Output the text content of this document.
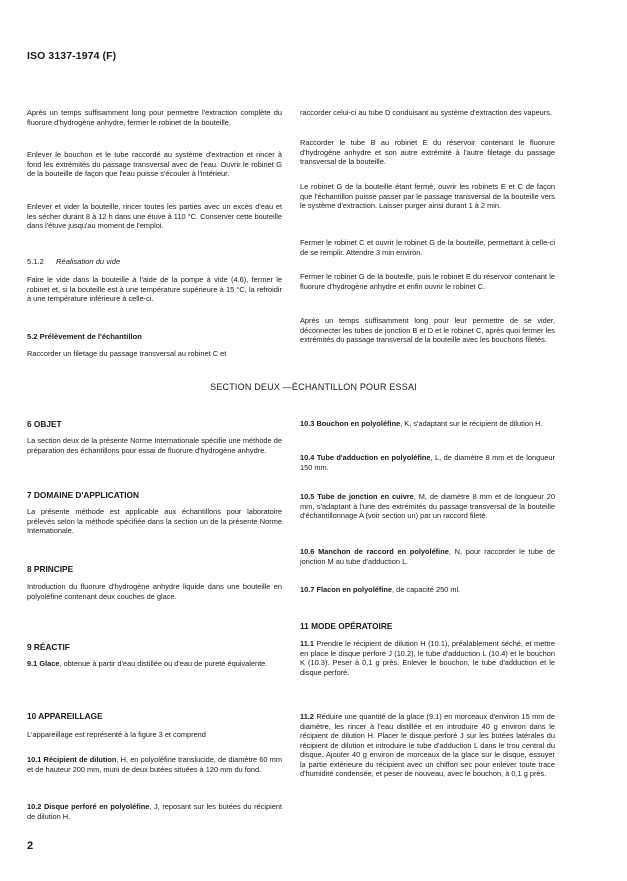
ISO 3137-1974 (F)

Après un temps suffisamment long pour permettre l'extraction complète du fluorure d'hydrogène anhydre, fermer le robinet de la bouteille.

Enlever le bouchon et le tube raccordé au système d'extraction et rincer à fond les extrémités du passage transversal avec de l'eau. Ouvrir le robinet G de la bouteille de façon que l'eau puisse s'écouler à l'intérieur.

Enlever et vider la bouteille, rincer toutes les parties avec un excès d'eau et les sécher durant 8 à 12 h dans une étuve à 110 °C. Conserver cette bouteille dans l'étuve jusqu'au moment de l'emploi.

5.1.2 Réalisation du vide

Faire le vide dans la bouteille à l'aide de la pompe à vide (4.6), fermer le robinet et, si la bouteille est à une température supérieure à 15 °C, la refroidir à une température inférieure à celle-ci.

5.2 Prélèvement de l'échantillon

Raccorder un filetage du passage transversal au robinet C et

raccorder celui-ci au tube D conduisant au système d'extraction des vapeurs.

Raccorder le tube B au robinet E du réservoir contenant le fluorure d'hydrogène anhydre et son autre extrémité à l'autre filetage du passage transversal de la bouteille.

Le robinet G de la bouteille étant fermé, ouvrir les robinets E et C de façon que l'échantillon puisse passer par le passage transversal de la bouteille vers le système d'extraction. Laisser purger ainsi durant 1 à 2 min.

Fermer le robinet C et ouvrir le robinet G de la bouteille, permettant à celle-ci de se remplir. Attendre 3 min environ.

Fermer le robinet G de la bouteille, puis le robinet E du réservoir contenant le fluorure d'hydrogène anhydre et enfin ouvrir le robinet C.

Après un temps suffisamment long pour leur permettre de se vider, déconnecter les tubes de jonction B et D et le robinet C, après quoi fermer les extrémités du passage transversal de la bouteille avec les bouchons filetés.

SECTION DEUX —ÉCHANTILLON POUR ESSAI
6 OBJET

La section deux de la présente Norme Internationale spécifie une méthode de préparation des échantillons pour essai de fluorure d'hydrogène anhydre.

7 DOMAINE D'APPLICATION

La présente méthode est applicable aux échantillons pour laboratoire prélevés selon la méthode spécifiée dans la section un de la présente Norme Internationale.

8 PRINCIPE

Introduction du fluorure d'hydrogène anhydre liquide dans une bouteille en polyoléfine contenant deux couches de glace.

9 RÉACTIF

9.1 Glace, obtenue à partir d'eau distillée ou d'eau de pureté équivalente.

10 APPAREILLAGE

L'appareillage est représenté à la figure 3 et comprend

10.1 Récipient de dilution, H, en polyoléfine translucide, de diamètre 60 mm et de hauteur 200 mm, muni de deux butées situées à 120 mm du fond.

10.2 Disque perforé en polyoléfine, J, reposant sur les butées du récipient de dilution H.

10.3 Bouchon en polyoléfine, K, s'adaptant sur le récipient de dilution H.

10.4 Tube d'adduction en polyoléfine, L, de diamètre 8 mm et de longueur 150 mm.

10.5 Tube de jonction en cuivre, M, de diamètre 8 mm et de longueur 20 mm, s'adaptant à l'une des extrémités du passage transversal de la bouteille d'échantillonnage A (voir section un) par un raccord fileté.

10.6 Manchon de raccord en polyoléfine, N, pour raccorder le tube de jonction M au tube d'adduction L.

10.7 Flacon en polyoléfine, de capacité 250 ml.

11 MODE OPÉRATOIRE

11.1 Prendre le récipient de dilution H (10.1), préalablement séché, et mettre en place le disque perforé J (10.2), le tube d'adduction L (10.4) et le bouchon K (10.3). Peser à 0,1 g près. Enlever le bouchon, le tube d'adduction et le disque perforé.

11.2 Réduire une quantité de la glace (9.1) en morceaux d'environ 15 mm de diamètre, les rincer à l'eau distillée et en introduire 40 g environ dans le récipient de dilution H. Placer le disque perforé J sur les butées latérales du récipient de dilution et introduire le tube d'adduction L dans le trou central du disque. Ajouter 40 g environ de morceaux de la glace sur le disque, essuyer la partie extérieure du récipient avec un chiffon sec pour enlever toute trace d'humidité condensée, et peser de nouveau, avec le bouchon, à 0,1 g près.

2
